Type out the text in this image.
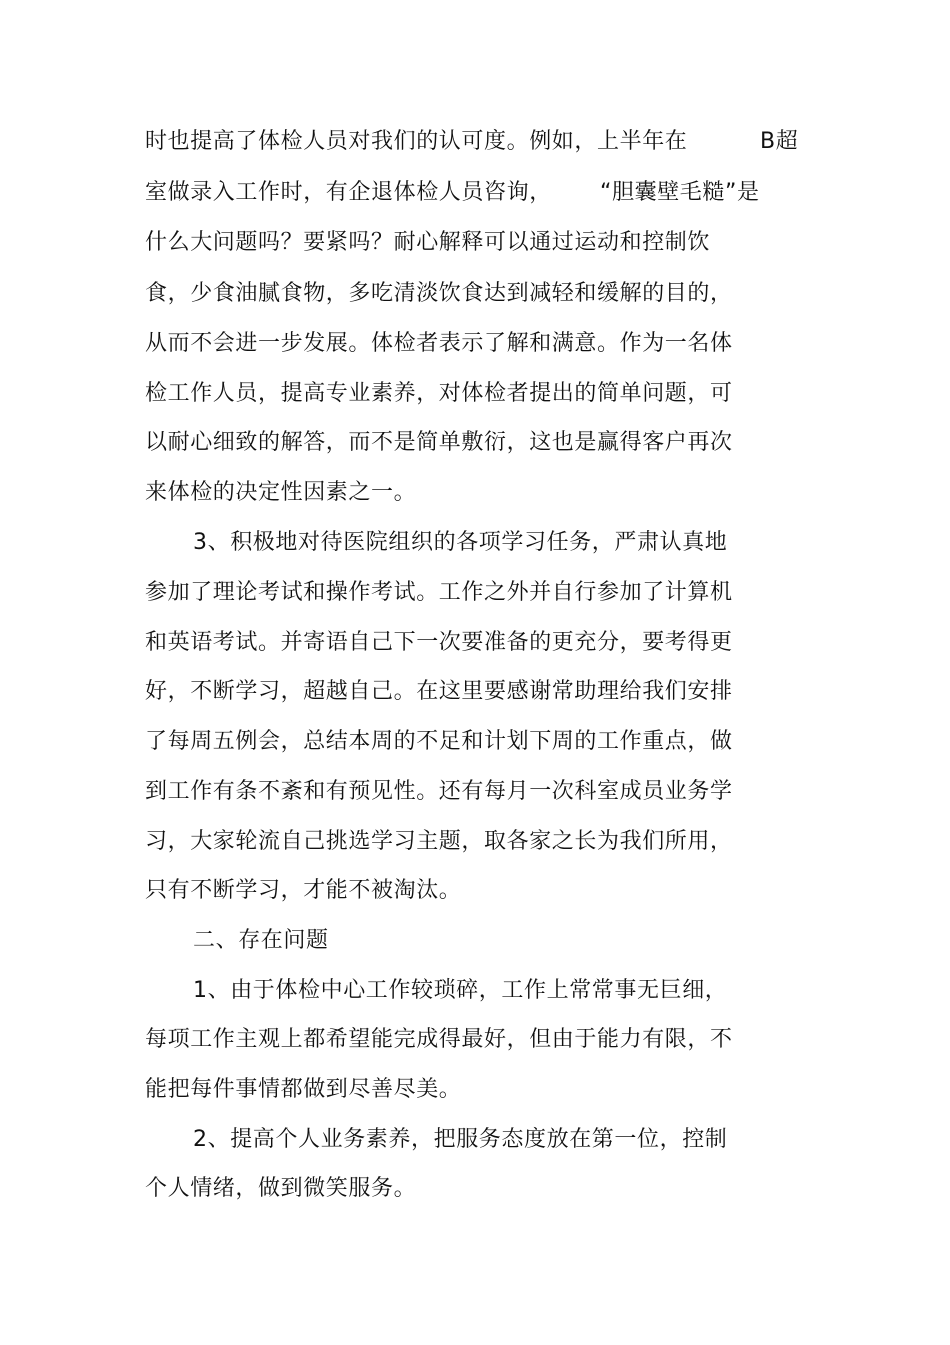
时也提高了体检人员对我们的认可度。例如，上半年在	B超
室做录入工作时，有企退体检人员咨询， “胆囊壁毛糙”是
什么大问题吗？要紧吗？耐心解释可以通过运动和控制饮
食，少食油腻食物，多吃清淡饮食达到减轻和缓解的目的，
从而不会进一步发展。体检者表示了解和满意。作为一名体
检工作人员，提高专业素养，对体检者提出的简单问题，可
以耐心细致的解答，而不是简单敷衍，这也是赢得客户再次
来体检的决定性因素之一。
3、积极地对待医院组织的各项学习任务，严肃认真地
参加了理论考试和操作考试。工作之外并自行参加了计算机
和英语考试。并寄语自己下一次要准备的更充分，要考得更
好，不断学习，超越自己。在这里要感谢常助理给我们安排
了每周五例会，总结本周的不足和计划下周的工作重点，做
到工作有条不紊和有预见性。还有每月一次科室成员业务学
习，大家轮流自己挑选学习主题，取各家之长为我们所用，
只有不断学习，才能不被淘汰。
二、存在问题
1、由于体检中心工作较琐碎，工作上常常事无巨细，
每项工作主观上都希望能完成得最好，但由于能力有限，不
能把每件事情都做到尽善尽美。
2、提高个人业务素养，把服务态度放在第一位，控制
个人情绪，做到微笑服务。
